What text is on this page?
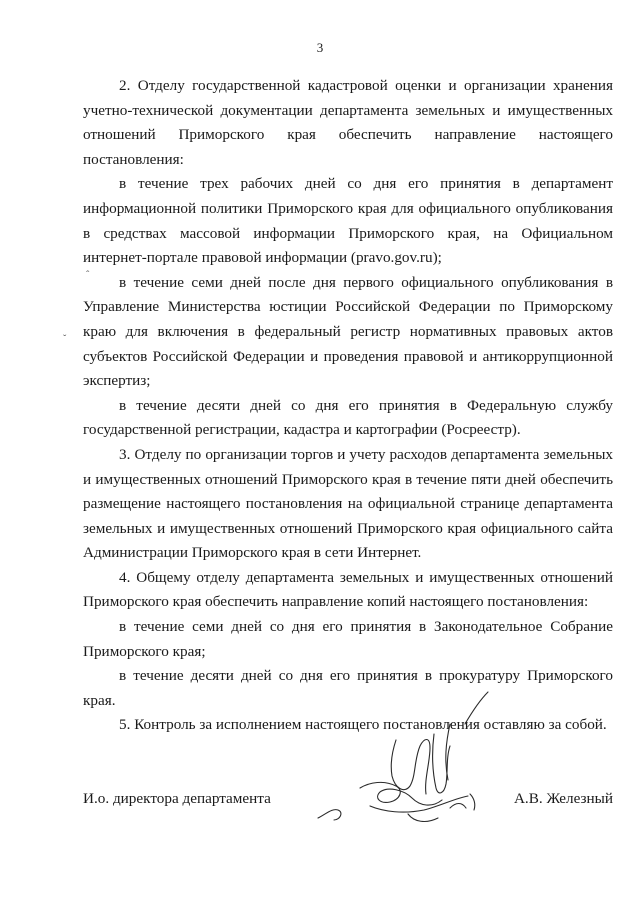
3

2. Отделу государственной кадастровой оценки и организации хранения учетно-технической документации департамента земельных и имущественных отношений Приморского края обеспечить направление настоящего постановления:

в течение трех рабочих дней со дня его принятия в департамент информационной политики Приморского края для официального опубликования в средствах массовой информации Приморского края, на Официальном интернет-портале правовой информации (pravo.gov.ru);

в течение семи дней после дня первого официального опубликования в Управление Министерства юстиции Российской Федерации по Приморскому краю для включения в федеральный регистр нормативных правовых актов субъектов Российской Федерации и проведения правовой и антикоррупционной экспертиз;

в течение десяти дней со дня его принятия в Федеральную службу государственной регистрации, кадастра и картографии (Росреестр).

3. Отделу по организации торгов и учету расходов департамента земельных и имущественных отношений Приморского края в течение пяти дней обеспечить размещение настоящего постановления на официальной странице департамента земельных и имущественных отношений Приморского края официального сайта Администрации Приморского края в сети Интернет.

4. Общему отделу департамента земельных и имущественных отношений Приморского края обеспечить направление копий настоящего постановления:

в течение семи дней со дня его принятия в Законодательное Собрание Приморского края;

в течение десяти дней со дня его принятия в прокуратуру Приморского края.

5. Контроль за исполнением настоящего постановления оставляю за собой.

ˆ
ˇ
И.о. директора департамента	А.В. Железный
